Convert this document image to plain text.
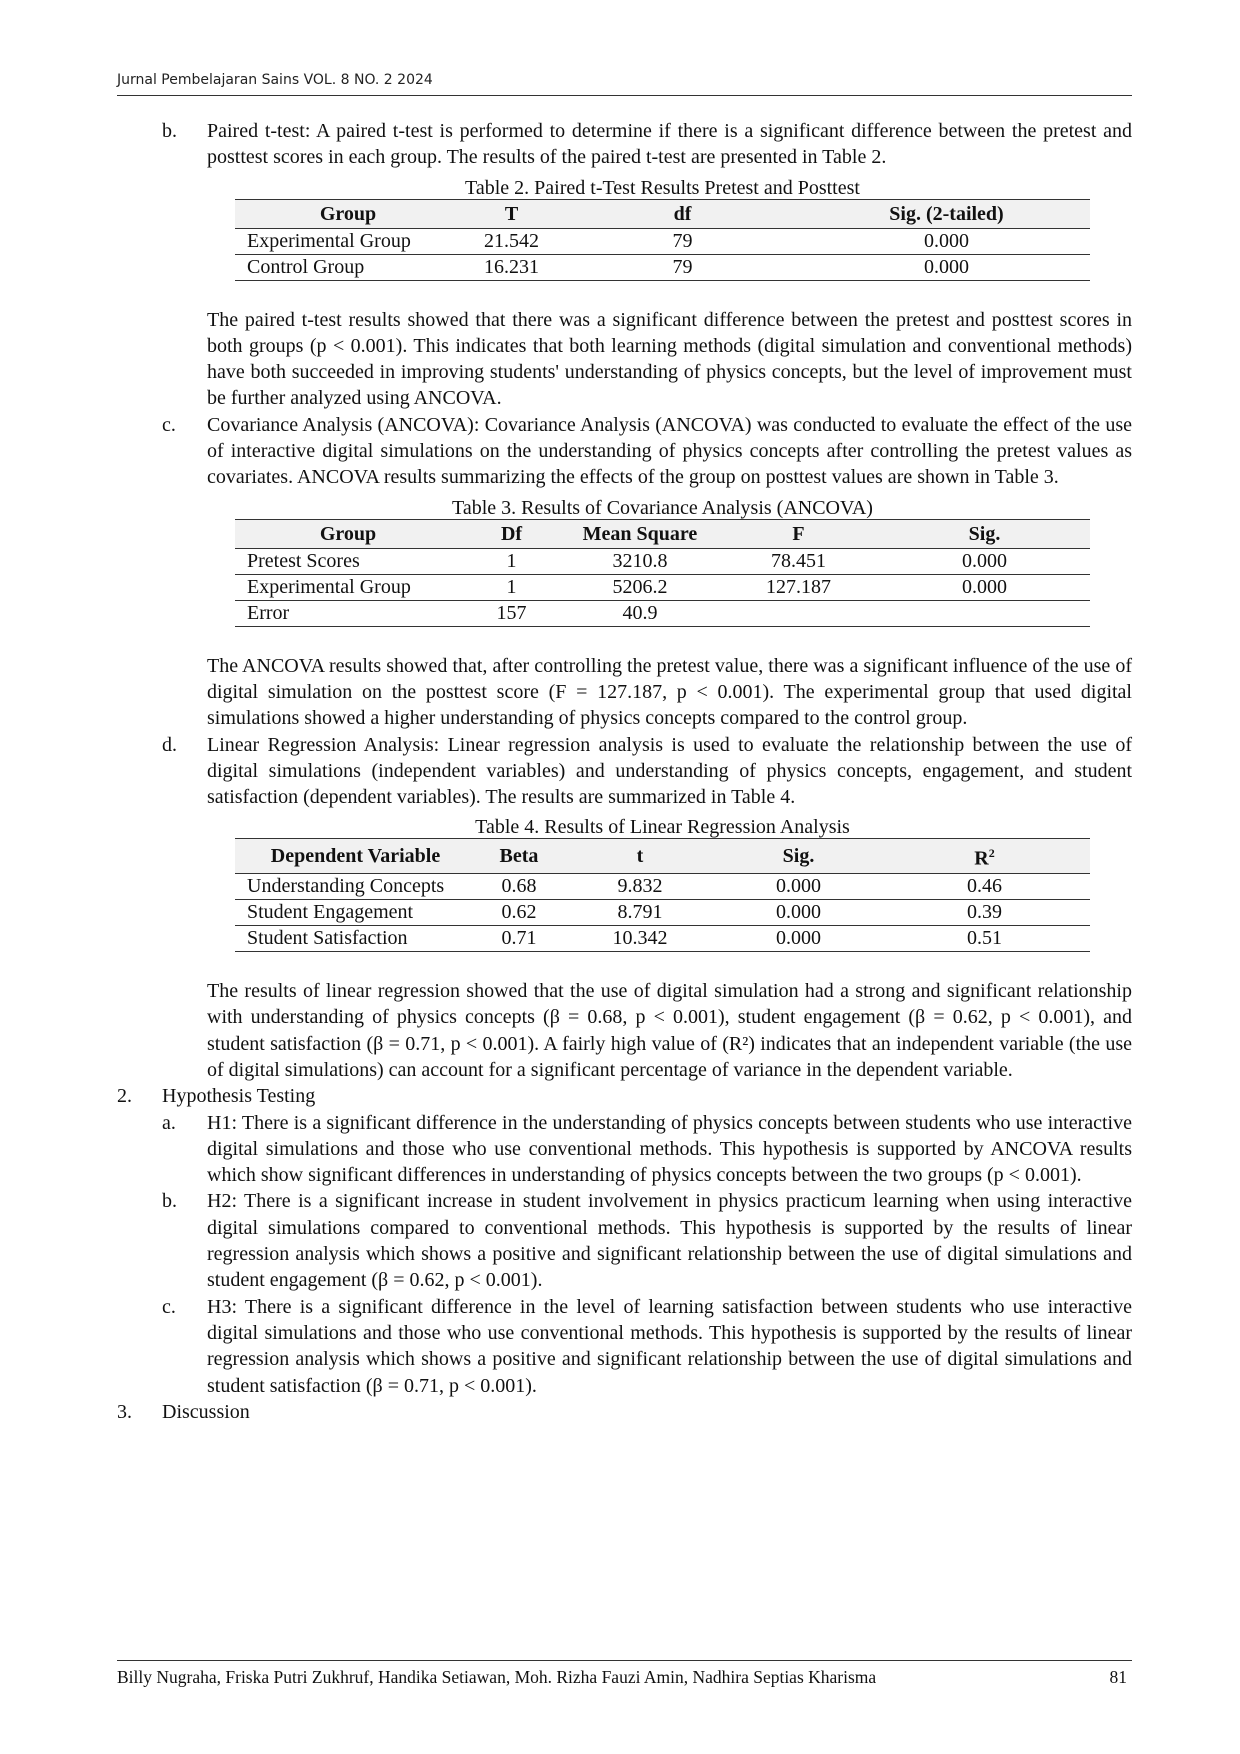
Jurnal Pembelajaran Sains VOL. 8 NO. 2 2024
b. Paired t-test: A paired t-test is performed to determine if there is a significant difference between the pretest and posttest scores in each group. The results of the paired t-test are presented in Table 2.
Table 2. Paired t-Test Results Pretest and Posttest
Group	T	df	Sig. (2-tailed)
Experimental Group	21.542	79	0.000
Control Group	16.231	79	0.000
The paired t-test results showed that there was a significant difference between the pretest and posttest scores in both groups (p < 0.001). This indicates that both learning methods (digital simulation and conventional methods) have both succeeded in improving students' understanding of physics concepts, but the level of improvement must be further analyzed using ANCOVA.
c. Covariance Analysis (ANCOVA): Covariance Analysis (ANCOVA) was conducted to evaluate the effect of the use of interactive digital simulations on the understanding of physics concepts after controlling the pretest values as covariates. ANCOVA results summarizing the effects of the group on posttest values are shown in Table 3.
Table 3. Results of Covariance Analysis (ANCOVA)
Group	Df	Mean Square	F	Sig.
Pretest Scores	1	3210.8	78.451	0.000
Experimental Group	1	5206.2	127.187	0.000
Error	157	40.9		
The ANCOVA results showed that, after controlling the pretest value, there was a significant influence of the use of digital simulation on the posttest score (F = 127.187, p < 0.001). The experimental group that used digital simulations showed a higher understanding of physics concepts compared to the control group.
d. Linear Regression Analysis: Linear regression analysis is used to evaluate the relationship between the use of digital simulations (independent variables) and understanding of physics concepts, engagement, and student satisfaction (dependent variables). The results are summarized in Table 4.
Table 4. Results of Linear Regression Analysis
Dependent Variable	Beta	t	Sig.	$R^2$
Understanding Concepts	0.68	9.832	0.000	0.46
Student Engagement	0.62	8.791	0.000	0.39
Student Satisfaction	0.71	10.342	0.000	0.51
The results of linear regression showed that the use of digital simulation had a strong and significant relationship with understanding of physics concepts (β = 0.68, p < 0.001), student engagement (β = 0.62, p < 0.001), and student satisfaction (β = 0.71, p < 0.001). A fairly high value of (R²) indicates that an independent variable (the use of digital simulations) can account for a significant percentage of variance in the dependent variable.
2. Hypothesis Testing
a. H1: There is a significant difference in the understanding of physics concepts between students who use interactive digital simulations and those who use conventional methods. This hypothesis is supported by ANCOVA results which show significant differences in understanding of physics concepts between the two groups (p < 0.001).
b. H2: There is a significant increase in student involvement in physics practicum learning when using interactive digital simulations compared to conventional methods. This hypothesis is supported by the results of linear regression analysis which shows a positive and significant relationship between the use of digital simulations and student engagement (β = 0.62, p < 0.001).
c. H3: There is a significant difference in the level of learning satisfaction between students who use interactive digital simulations and those who use conventional methods. This hypothesis is supported by the results of linear regression analysis which shows a positive and significant relationship between the use of digital simulations and student satisfaction (β = 0.71, p < 0.001).
3. Discussion
Billy Nugraha, Friska Putri Zukhruf, Handika Setiawan, Moh. Rizha Fauzi Amin, Nadhira Septias Kharisma	81
